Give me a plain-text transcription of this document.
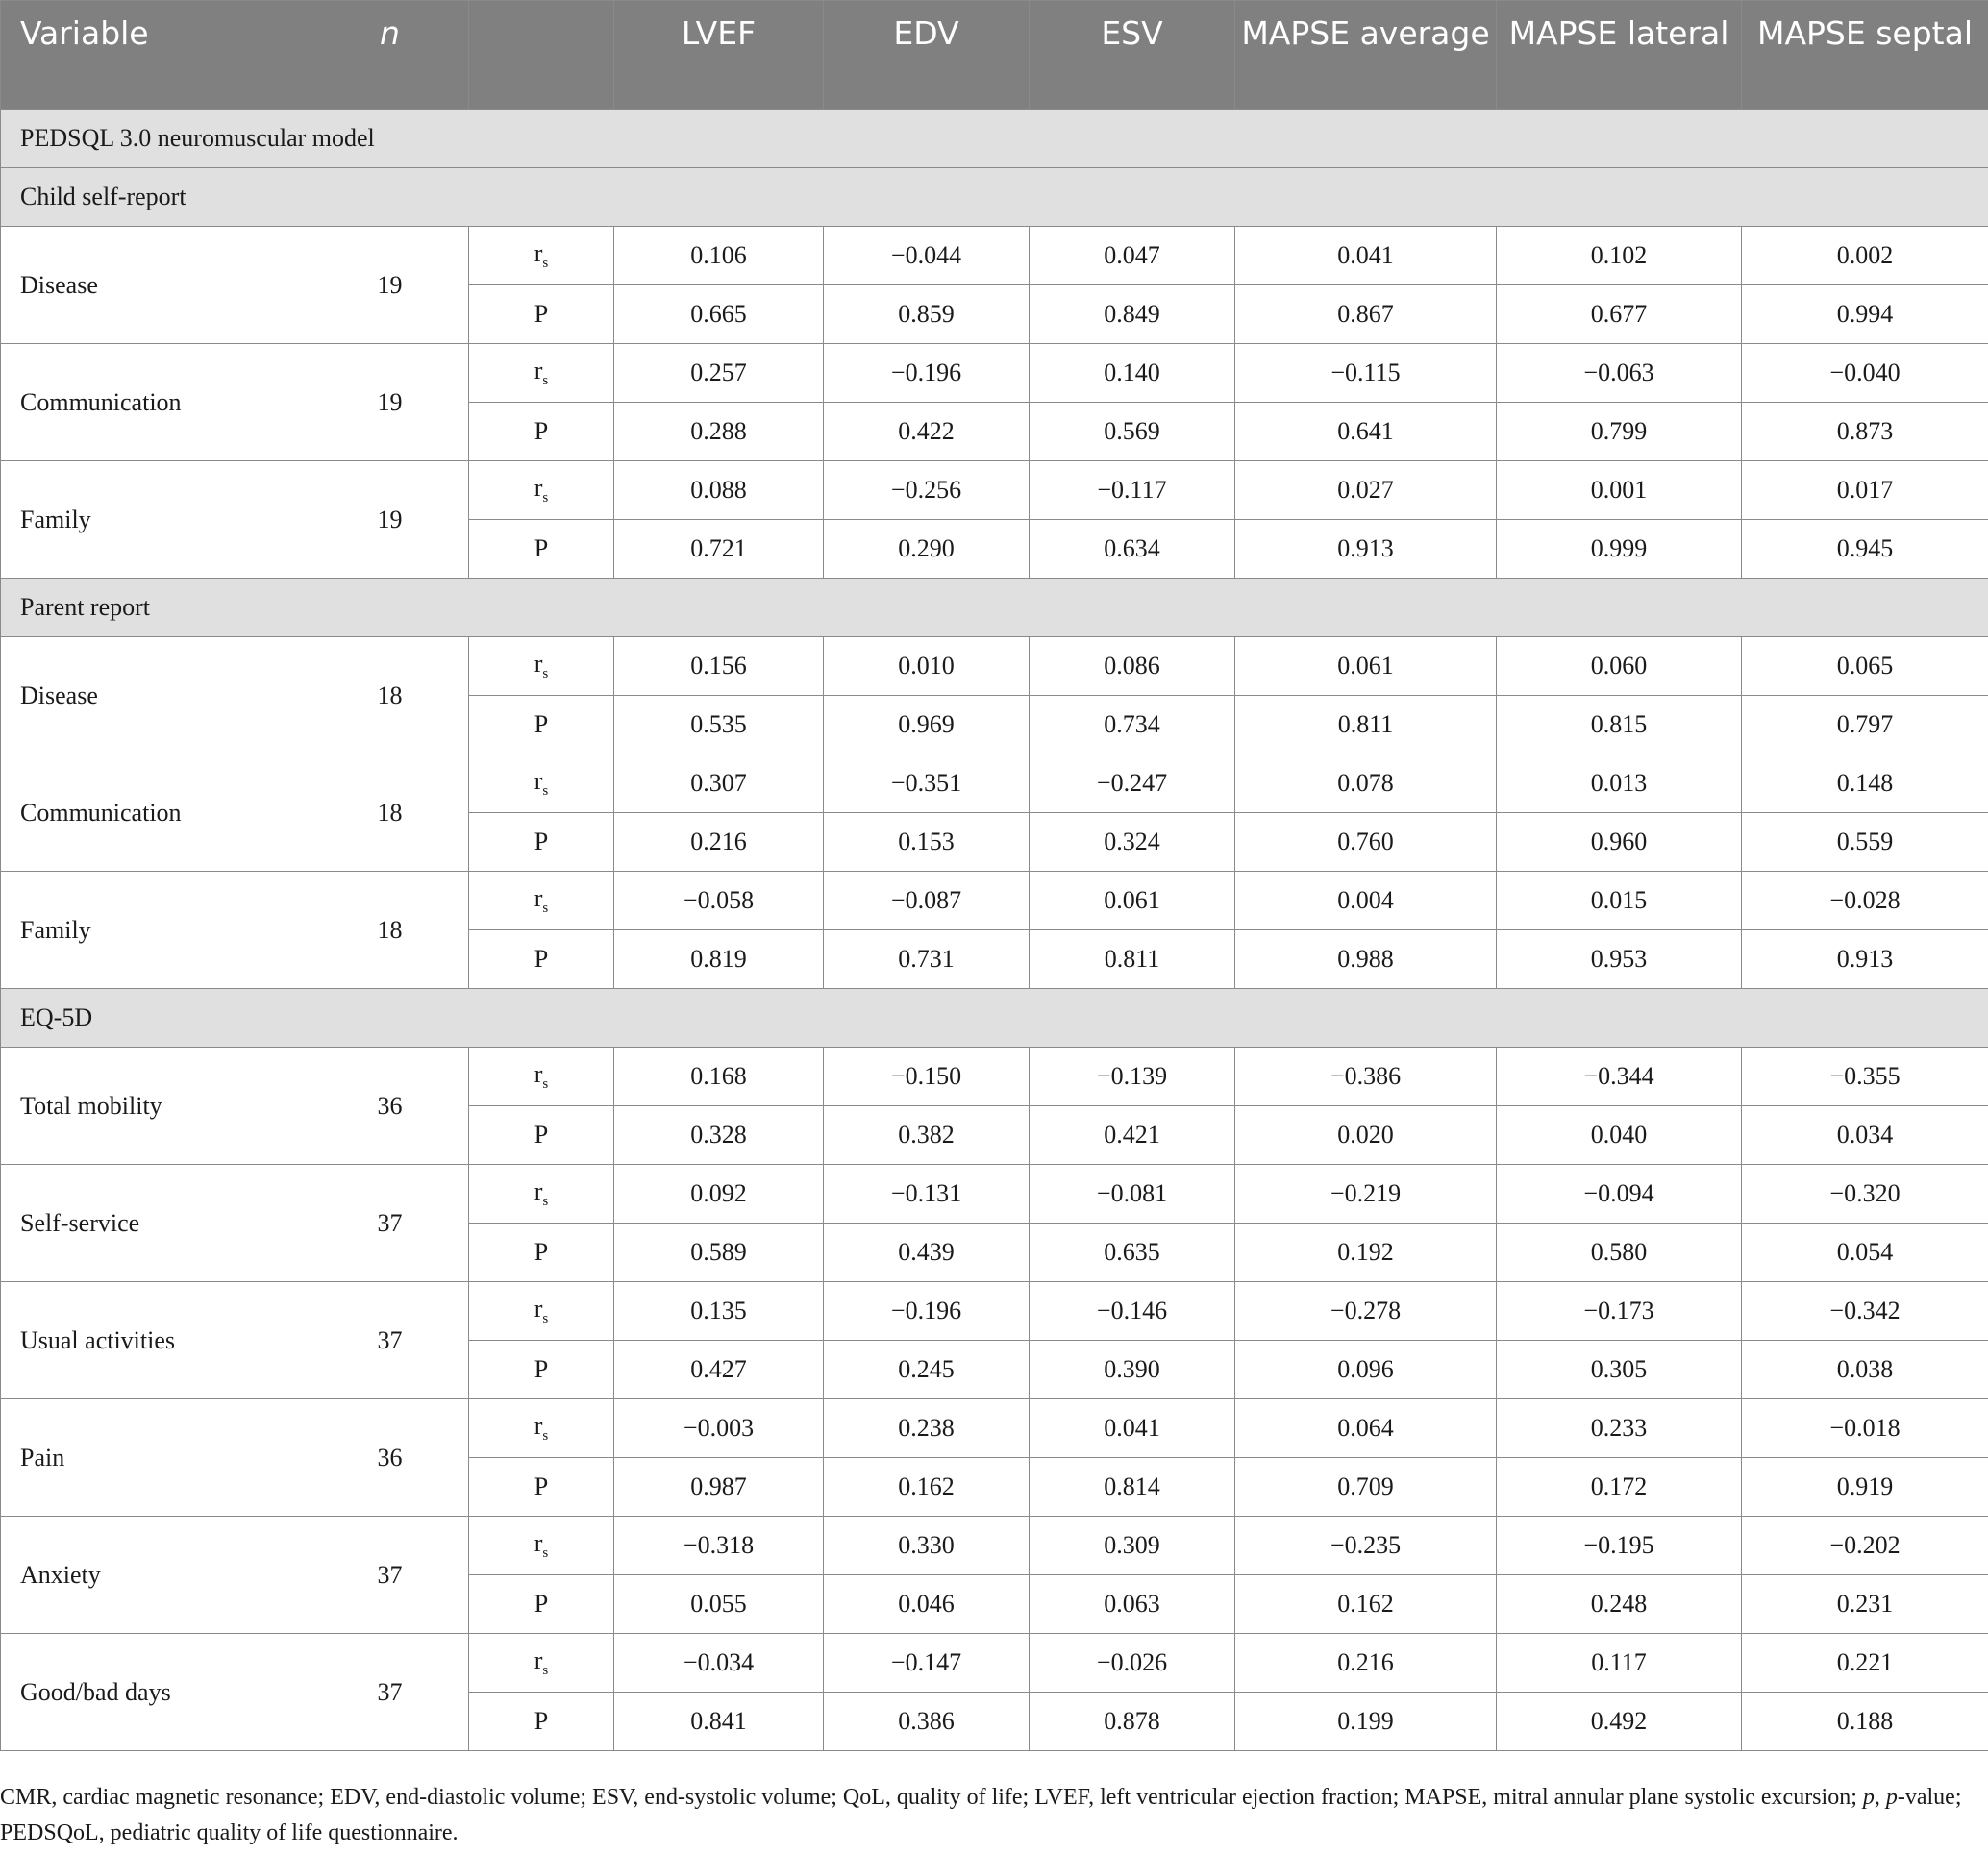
Variable	n		LVEF	EDV	ESV	MAPSE average	MAPSE lateral	MAPSE septal
PEDSQL 3.0 neuromuscular model								
Child self-report								
Disease	19	$r_s$	0.106	−0.044	0.047	0.041	0.102	0.002
		P	0.665	0.859	0.849	0.867	0.677	0.994
Communication	19	$r_s$	0.257	−0.196	0.140	−0.115	−0.063	−0.040
		P	0.288	0.422	0.569	0.641	0.799	0.873
Family	19	$r_s$	0.088	−0.256	−0.117	0.027	0.001	0.017
		P	0.721	0.290	0.634	0.913	0.999	0.945
Parent report								
Disease	18	$r_s$	0.156	0.010	0.086	0.061	0.060	0.065
		P	0.535	0.969	0.734	0.811	0.815	0.797
Communication	18	$r_s$	0.307	−0.351	−0.247	0.078	0.013	0.148
		P	0.216	0.153	0.324	0.760	0.960	0.559
Family	18	$r_s$	−0.058	−0.087	0.061	0.004	0.015	−0.028
		P	0.819	0.731	0.811	0.988	0.953	0.913
EQ-5D								
Total mobility	36	$r_s$	0.168	−0.150	−0.139	−0.386	−0.344	−0.355
		P	0.328	0.382	0.421	0.020	0.040	0.034
Self-service	37	$r_s$	0.092	−0.131	−0.081	−0.219	−0.094	−0.320
		P	0.589	0.439	0.635	0.192	0.580	0.054
Usual activities	37	$r_s$	0.135	−0.196	−0.146	−0.278	−0.173	−0.342
		P	0.427	0.245	0.390	0.096	0.305	0.038
Pain	36	$r_s$	−0.003	0.238	0.041	0.064	0.233	−0.018
		P	0.987	0.162	0.814	0.709	0.172	0.919
Anxiety	37	$r_s$	−0.318	0.330	0.309	−0.235	−0.195	−0.202
		P	0.055	0.046	0.063	0.162	0.248	0.231
Good/bad days	37	$r_s$	−0.034	−0.147	−0.026	0.216	0.117	0.221
		P	0.841	0.386	0.878	0.199	0.492	0.188
CMR, cardiac magnetic resonance; EDV, end-diastolic volume; ESV, end-systolic volume; QoL, quality of life; LVEF, left ventricular ejection fraction; MAPSE, mitral annular plane systolic excursion; p, p-value; PEDSQoL, pediatric quality of life questionnaire.
